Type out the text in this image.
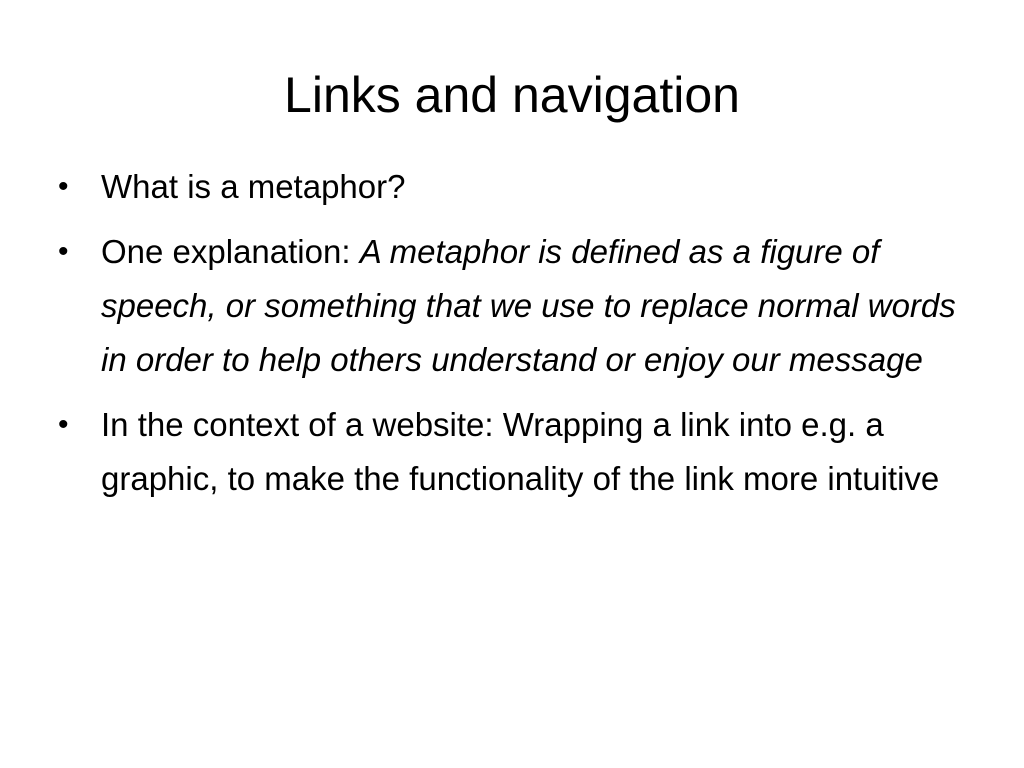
Links and navigation
• What is a metaphor?
• One explanation: A metaphor is defined as a figure of speech, or something that we use to replace normal words in order to help others understand or enjoy our message
• In the context of a website: Wrapping a link into e.g. a graphic, to make the functionality of the link more intuitive
